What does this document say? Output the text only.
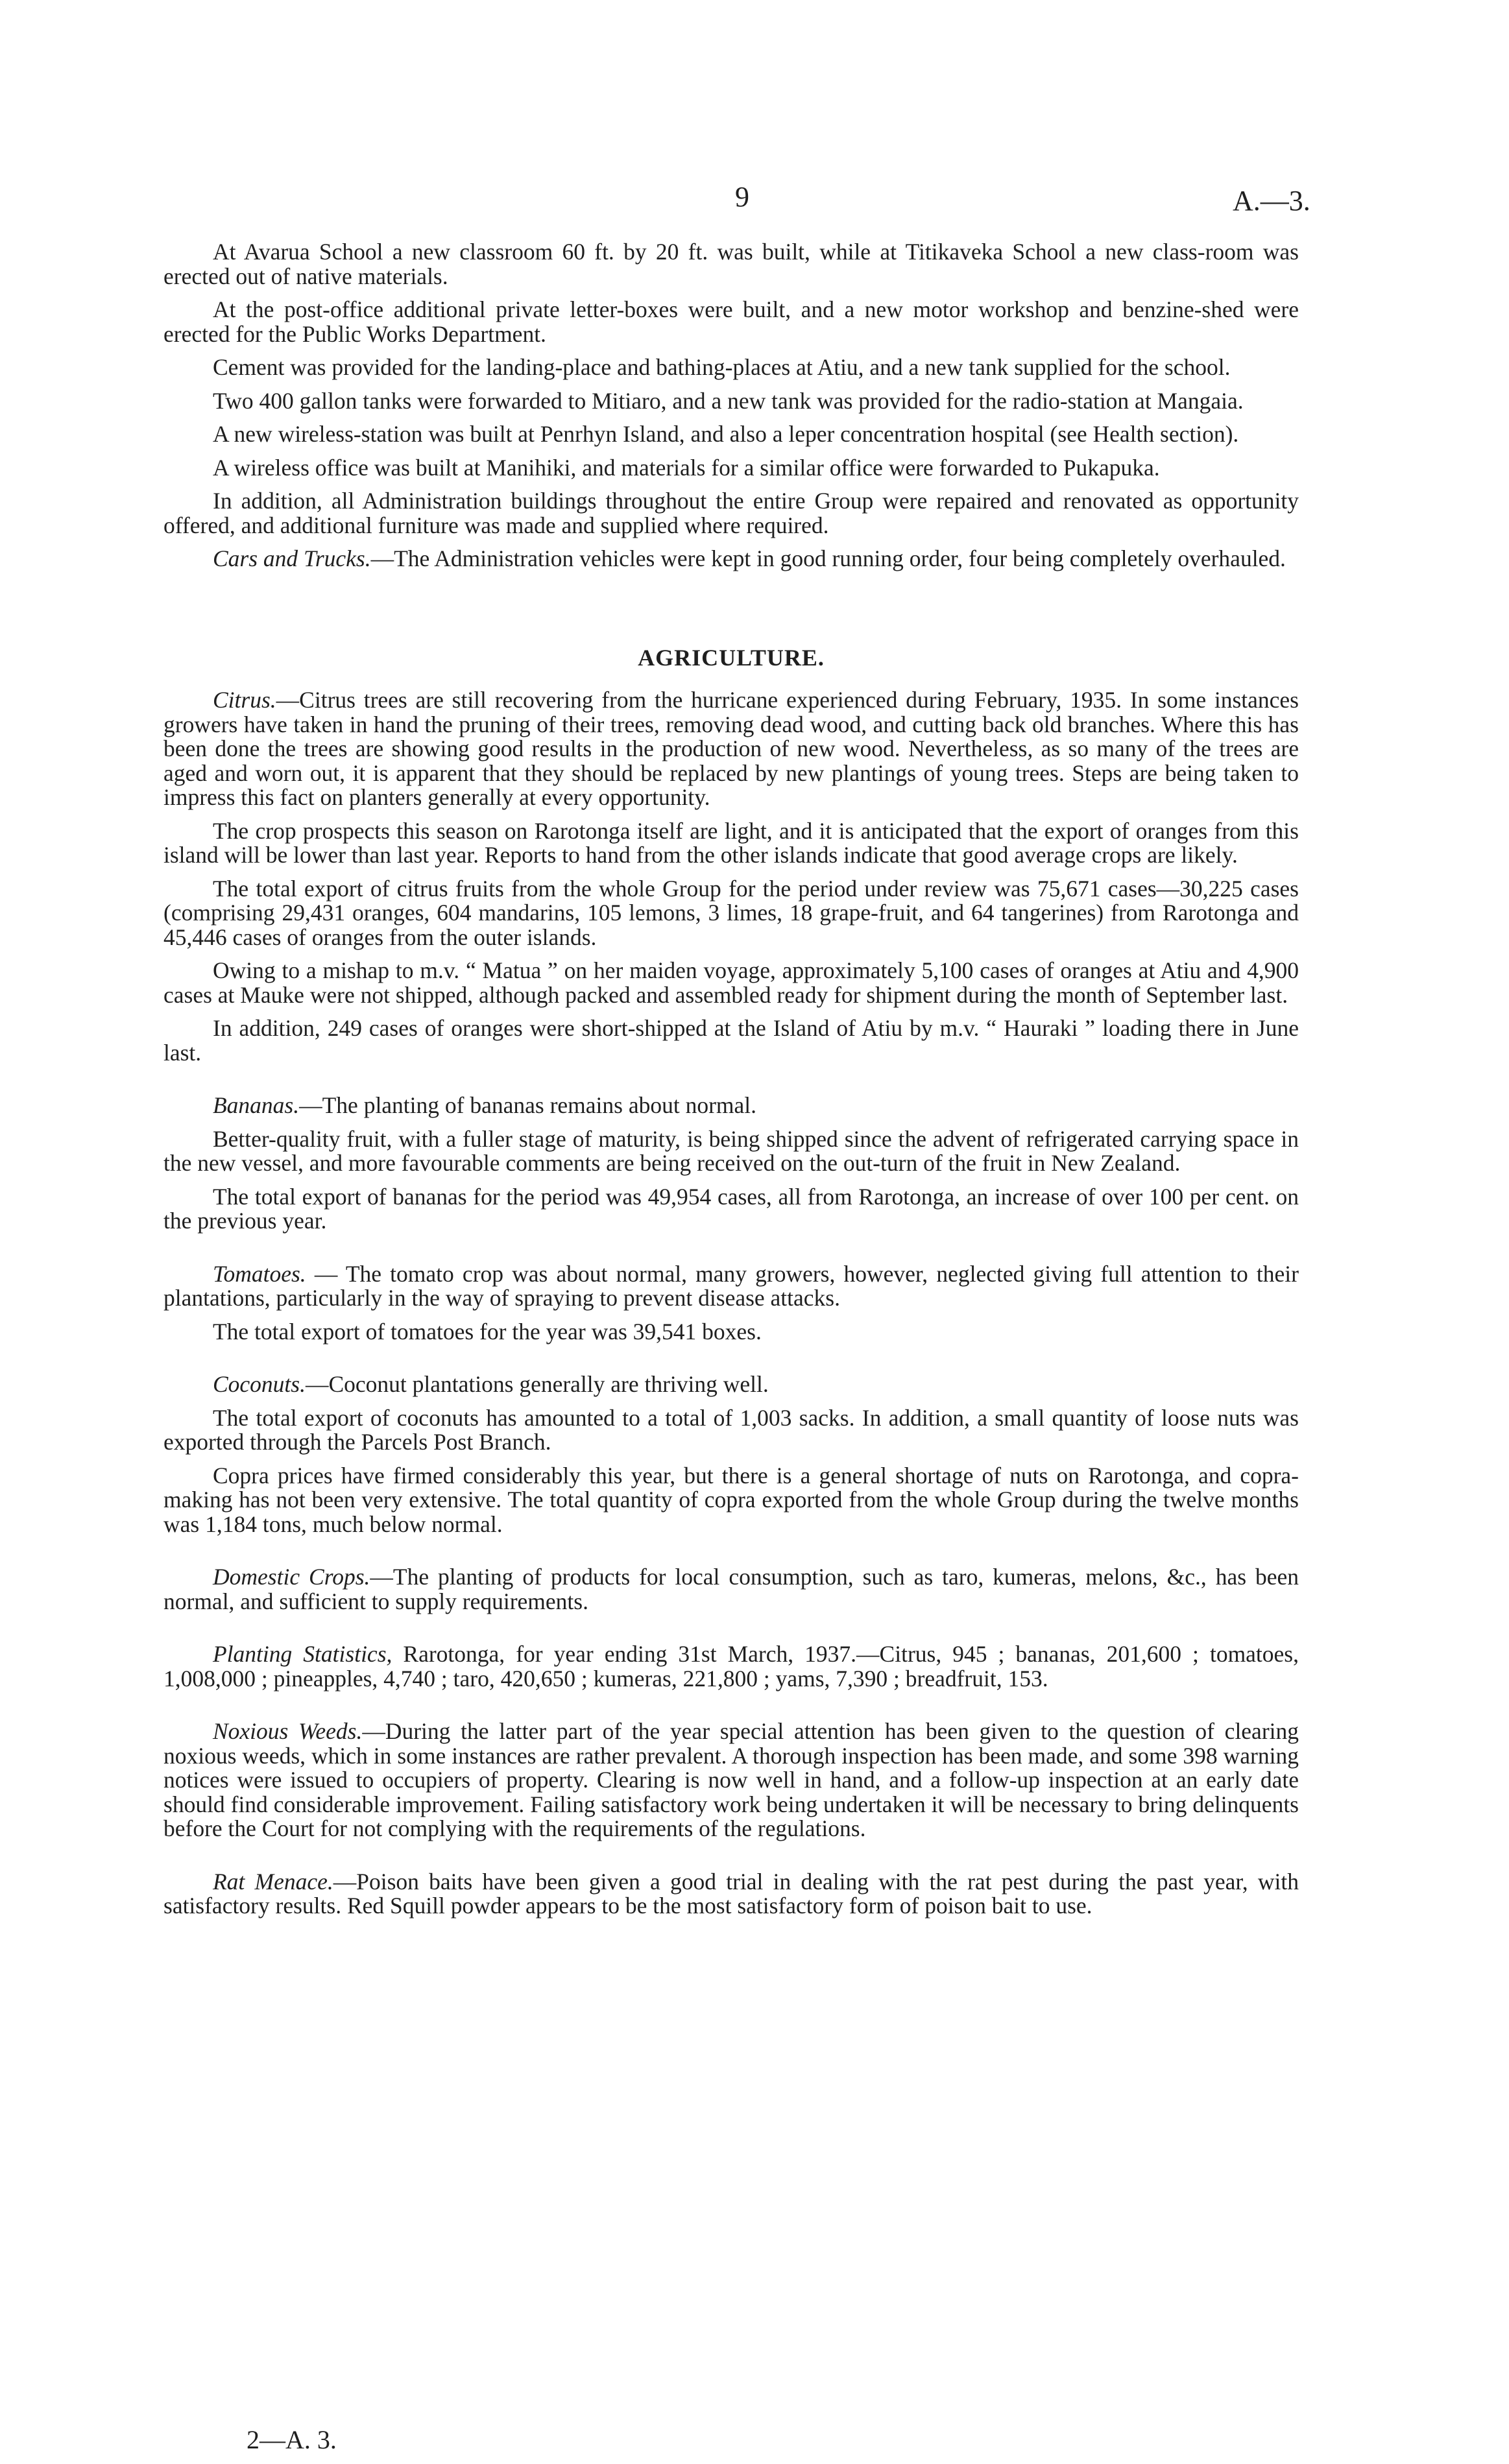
9	A.—3.

At Avarua School a new classroom 60 ft. by 20 ft. was built, while at Titikaveka School a new class-room was erected out of native materials.

At the post-office additional private letter-boxes were built, and a new motor workshop and benzine-shed were erected for the Public Works Department.

Cement was provided for the landing-place and bathing-places at Atiu, and a new tank supplied for the school.

Two 400 gallon tanks were forwarded to Mitiaro, and a new tank was provided for the radio-station at Mangaia.

A new wireless-station was built at Penrhyn Island, and also a leper concentration hospital (see Health section).

A wireless office was built at Manihiki, and materials for a similar office were forwarded to Pukapuka.

In addition, all Administration buildings throughout the entire Group were repaired and renovated as opportunity offered, and additional furniture was made and supplied where required.

Cars and Trucks.—The Administration vehicles were kept in good running order, four being completely overhauled.

AGRICULTURE.

Citrus.—Citrus trees are still recovering from the hurricane experienced during February, 1935. In some instances growers have taken in hand the pruning of their trees, removing dead wood, and cutting back old branches. Where this has been done the trees are showing good results in the production of new wood. Nevertheless, as so many of the trees are aged and worn out, it is apparent that they should be replaced by new plantings of young trees. Steps are being taken to impress this fact on planters generally at every opportunity.

The crop prospects this season on Rarotonga itself are light, and it is anticipated that the export of oranges from this island will be lower than last year. Reports to hand from the other islands indicate that good average crops are likely.

The total export of citrus fruits from the whole Group for the period under review was 75,671 cases—30,225 cases (comprising 29,431 oranges, 604 mandarins, 105 lemons, 3 limes, 18 grape-fruit, and 64 tangerines) from Rarotonga and 45,446 cases of oranges from the outer islands.

Owing to a mishap to m.v. “ Matua ” on her maiden voyage, approximately 5,100 cases of oranges at Atiu and 4,900 cases at Mauke were not shipped, although packed and assembled ready for shipment during the month of September last.

In addition, 249 cases of oranges were short-shipped at the Island of Atiu by m.v. “ Hauraki ” loading there in June last.

Bananas.—The planting of bananas remains about normal.

Better-quality fruit, with a fuller stage of maturity, is being shipped since the advent of refrigerated carrying space in the new vessel, and more favourable comments are being received on the out-turn of the fruit in New Zealand.

The total export of bananas for the period was 49,954 cases, all from Rarotonga, an increase of over 100 per cent. on the previous year.

Tomatoes. — The tomato crop was about normal, many growers, however, neglected giving full attention to their plantations, particularly in the way of spraying to prevent disease attacks.

The total export of tomatoes for the year was 39,541 boxes.

Coconuts.—Coconut plantations generally are thriving well.

The total export of coconuts has amounted to a total of 1,003 sacks. In addition, a small quantity of loose nuts was exported through the Parcels Post Branch.

Copra prices have firmed considerably this year, but there is a general shortage of nuts on Rarotonga, and copra-making has not been very extensive. The total quantity of copra exported from the whole Group during the twelve months was 1,184 tons, much below normal.

Domestic Crops.—The planting of products for local consumption, such as taro, kumeras, melons, &c., has been normal, and sufficient to supply requirements.

Planting Statistics, Rarotonga, for year ending 31st March, 1937.—Citrus, 945 ; bananas, 201,600 ; tomatoes, 1,008,000 ; pineapples, 4,740 ; taro, 420,650 ; kumeras, 221,800 ; yams, 7,390 ; breadfruit, 153.

Noxious Weeds.—During the latter part of the year special attention has been given to the question of clearing noxious weeds, which in some instances are rather prevalent. A thorough inspection has been made, and some 398 warning notices were issued to occupiers of property. Clearing is now well in hand, and a follow-up inspection at an early date should find considerable improvement. Failing satisfactory work being undertaken it will be necessary to bring delinquents before the Court for not complying with the requirements of the regulations.

Rat Menace.—Poison baits have been given a good trial in dealing with the rat pest during the past year, with satisfactory results. Red Squill powder appears to be the most satisfactory form of poison bait to use.

2—A. 3.
